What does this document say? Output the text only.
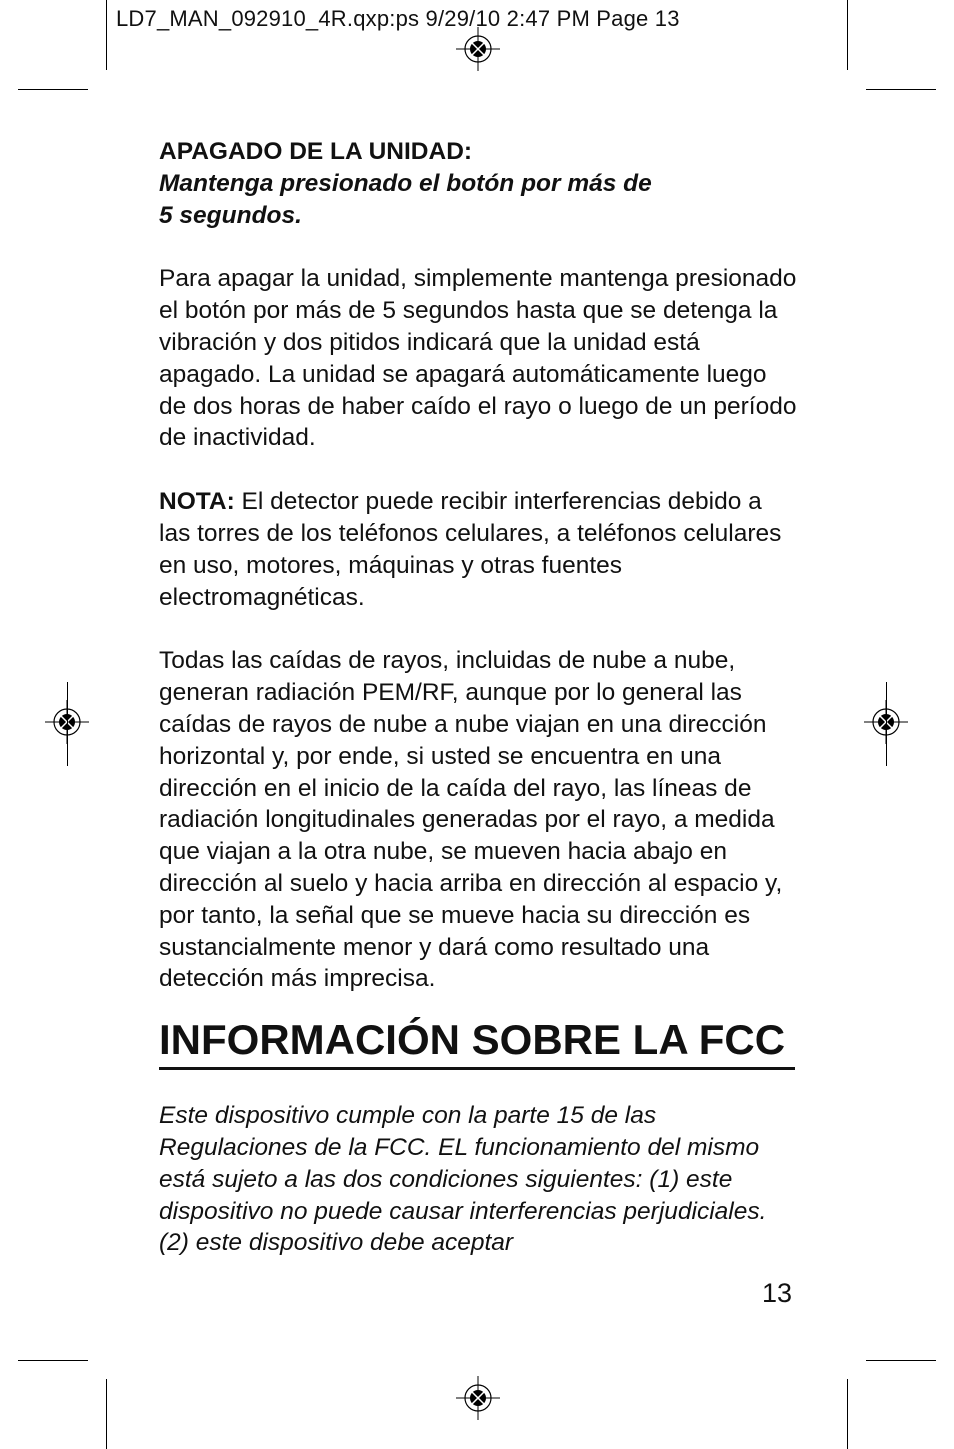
LD7_MAN_092910_4R.qxp:ps 9/29/10 2:47 PM Page 13

APAGADO DE LA UNIDAD:

Mantenga presionado el botón por más de

5 segundos.

Para apagar la unidad, simplemente mantenga presionado el botón por más de 5 segundos hasta que se detenga la vibración y dos pitidos indicará que la unidad está apagado. La unidad se apagará automáticamente luego de dos horas de haber caído el rayo o luego de un período de inactividad.

NOTA: El detector puede recibir interferencias debido a las torres de los teléfonos celulares, a teléfonos celulares en uso, motores, máquinas y otras fuentes electromagnéticas.

Todas las caídas de rayos, incluidas de nube a nube, generan radiación PEM/RF, aunque por lo general las caídas de rayos de nube a nube viajan en una dirección horizontal y, por ende, si usted se encuentra en una dirección en el inicio de la caída del rayo, las líneas de radiación longitudinales generadas por el rayo, a medida que viajan a la otra nube, se mueven hacia abajo en dirección al suelo y hacia arriba en dirección al espacio y, por tanto, la señal que se mueve hacia su dirección es sustancialmente menor y dará como resultado una detección más imprecisa.

INFORMACIÓN SOBRE LA FCC

Este dispositivo cumple con la parte 15 de las Regulaciones de la FCC. EL funcionamiento del mismo está sujeto a las dos condiciones siguientes: (1) este dispositivo no puede causar interferencias perjudiciales. (2) este dispositivo debe aceptar

13
